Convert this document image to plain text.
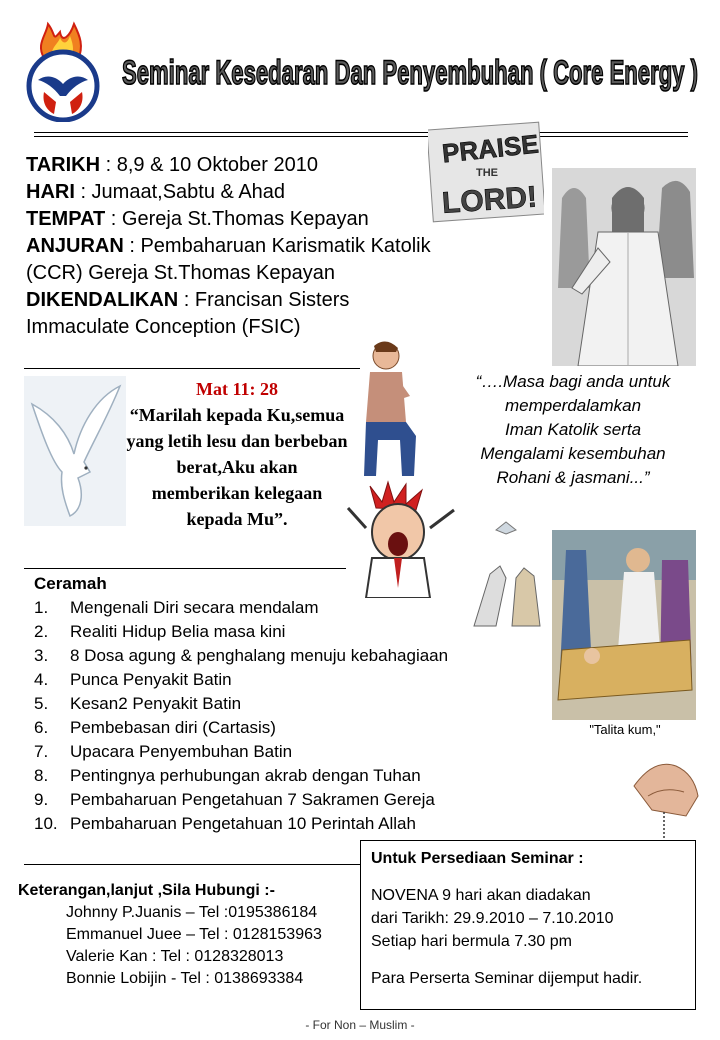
Seminar Kesedaran Dan Penyembuhan ( Core Energy )
PRAISE
THE
LORD!
TARIKH : 8,9 & 10 Oktober 2010
HARI : Jumaat,Sabtu & Ahad
TEMPAT : Gereja St.Thomas Kepayan
ANJURAN : Pembaharuan Karismatik Katolik
(CCR) Gereja St.Thomas Kepayan
DIKENDALIKAN : Francisan Sisters
Immaculate Conception (FSIC)
Mat 11: 28
“Marilah kepada Ku,semua yang letih lesu dan berbeban berat,Aku akan memberikan kelegaan kepada Mu”.
“….Masa bagi anda untuk
memperdalamkan
Iman Katolik serta
Mengalami kesembuhan
Rohani & jasmani...”
"Talita kum,"
Ceramah
1.	Mengenali Diri secara mendalam
2.	Realiti Hidup Belia masa kini
3.	8 Dosa agung & penghalang menuju kebahagiaan
4.	Punca Penyakit Batin
5.	Kesan2 Penyakit Batin
6.	Pembebasan diri (Cartasis)
7.	Upacara Penyembuhan Batin
8.	Pentingnya perhubungan akrab dengan Tuhan
9.	Pembaharuan Pengetahuan 7 Sakramen Gereja
10. Pembaharuan Pengetahuan 10 Perintah Allah
Keterangan,lanjut ,Sila Hubungi :-
Johnny P.Juanis – Tel :0195386184
Emmanuel Juee – Tel : 0128153963
Valerie Kan : Tel : 0128328013
Bonnie Lobijin - Tel : 0138693384
Untuk Persediaan Seminar :
NOVENA 9 hari akan diadakan
dari Tarikh: 29.9.2010 – 7.10.2010
Setiap hari bermula 7.30 pm
Para Perserta Seminar dijemput hadir.
- For Non – Muslim -
